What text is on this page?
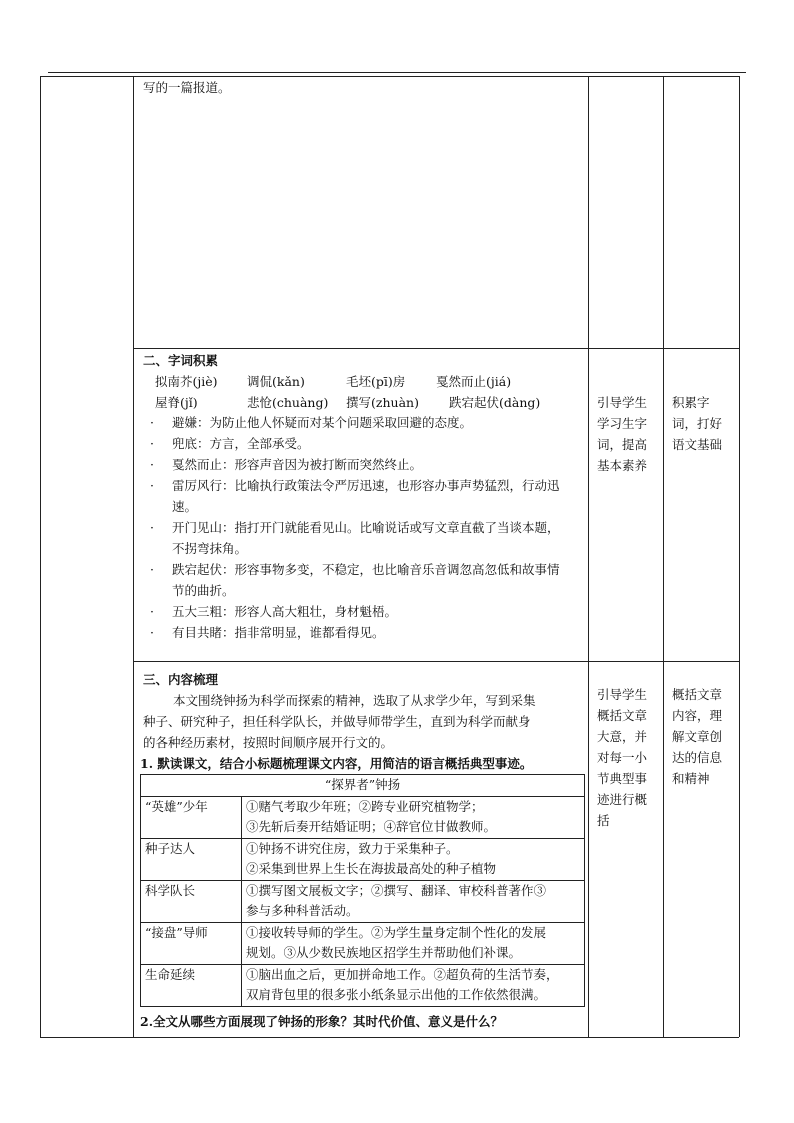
写的一篇报道。
二、字词积累
拟南芥(jiè) 调侃(kǎn)	毛坯(pī)房 戛然而止(jiá)
屋脊(jǐ)	悲怆(chuàng) 撰写(zhuàn) 跌宕起伏(dàng)
· 避嫌：为防止他人怀疑而对某个问题采取回避的态度。
· 兜底：方言，全部承受。
· 戛然而止：形容声音因为被打断而突然终止。
· 雷厉风行：比喻执行政策法令严厉迅速，也形容办事声势猛烈，行动迅
速。
· 开门见山：指打开门就能看见山。比喻说话或写文章直截了当谈本题，
不拐弯抹角。
· 跌宕起伏：形容事物多变，不稳定，也比喻音乐音调忽高忽低和故事情
节的曲折。
· 五大三粗：形容人高大粗壮，身材魁梧。
· 有目共睹：指非常明显，谁都看得见。
引导学生
学习生字
词，提高
基本素养
积累字
词，打好
语文基础
三、内容梳理
本文围绕钟扬为科学而探索的精神，选取了从求学少年，写到采集
种子、研究种子，担任科学队长，并做导师带学生，直到为科学而献身
的各种经历素材，按照时间顺序展开行文的。
1. 默读课文，结合小标题梳理课文内容，用简洁的语言概括典型事迹。
“探界者”钟扬	
“英雄”少年	①赌气考取少年班；②跨专业研究植物学；
③先斩后奏开结婚证明；④辞官位甘做教师。

种子达人	①钟扬不讲究住房，致力于采集种子。
②采集到世界上生长在海拔最高处的种子植物

科学队长	①撰写图文展板文字；②撰写、翻译、审校科普著作③
参与多种科普活动。

“接盘”导师	①接收转导师的学生。②为学生量身定制个性化的发展
规划。③从少数民族地区招学生并帮助他们补课。

生命延续	①脑出血之后，更加拼命地工作。②超负荷的生活节奏，
双肩背包里的很多张小纸条显示出他的工作依然很满。
2.全文从哪些方面展现了钟扬的形象？其时代价值、意义是什么？
引导学生
概括文章
大意，并
对每一小
节典型事
迹进行概
括
概括文章
内容，理
解文章创
达的信息
和精神
